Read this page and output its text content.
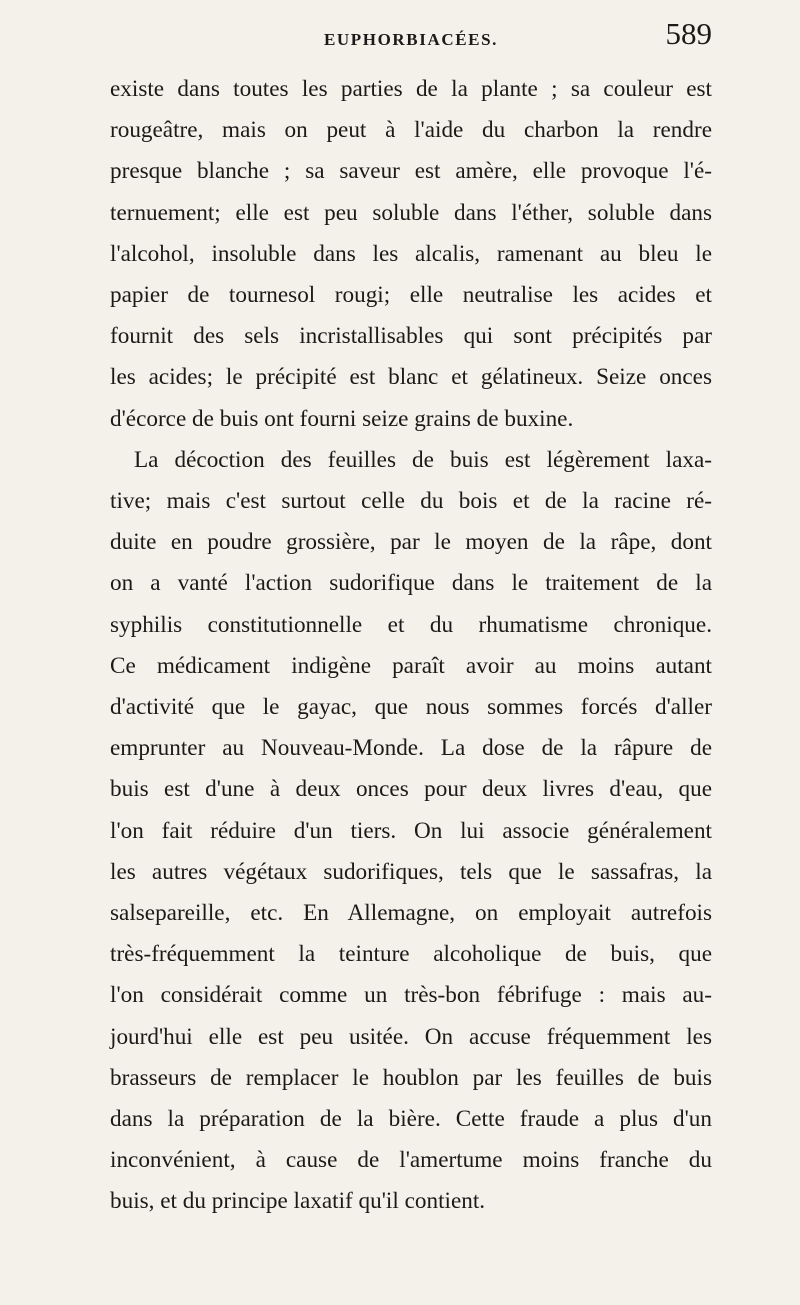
EUPHORBIACÉES.	589
existe dans toutes les parties de la plante ; sa couleur est
rougeâtre, mais on peut à l'aide du charbon la rendre
presque blanche ; sa saveur est amère, elle provoque l'é-
ternuement; elle est peu soluble dans l'éther, soluble dans
l'alcohol, insoluble dans les alcalis, ramenant au bleu le
papier de tournesol rougi; elle neutralise les acides et
fournit des sels incristallisables qui sont précipités par
les acides; le précipité est blanc et gélatineux. Seize onces
d'écorce de buis ont fourni seize grains de buxine.
La décoction des feuilles de buis est légèrement laxa-
tive; mais c'est surtout celle du bois et de la racine ré-
duite en poudre grossière, par le moyen de la râpe, dont
on a vanté l'action sudorifique dans le traitement de la
syphilis constitutionnelle et du rhumatisme chronique.
Ce médicament indigène paraît avoir au moins autant
d'activité que le gayac, que nous sommes forcés d'aller
emprunter au Nouveau-Monde. La dose de la râpure de
buis est d'une à deux onces pour deux livres d'eau, que
l'on fait réduire d'un tiers. On lui associe généralement
les autres végétaux sudorifiques, tels que le sassafras, la
salsepareille, etc. En Allemagne, on employait autrefois
très-fréquemment la teinture alcoholique de buis, que
l'on considérait comme un très-bon fébrifuge : mais au-
jourd'hui elle est peu usitée. On accuse fréquemment les
brasseurs de remplacer le houblon par les feuilles de buis
dans la préparation de la bière. Cette fraude a plus d'un
inconvénient, à cause de l'amertume moins franche du
buis, et du principe laxatif qu'il contient.
